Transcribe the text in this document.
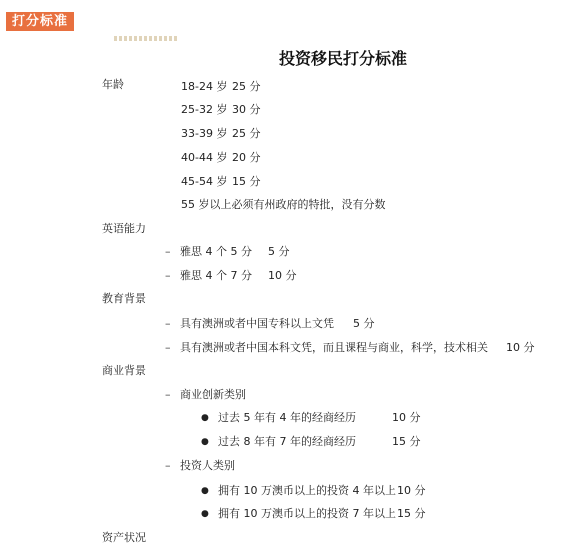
打分标准
投资移民打分标准
年龄	18-24 岁 25 分
25-32 岁 30 分
33-39 岁 25 分
40-44 岁 20 分
45-54 岁 15 分
55 岁以上必须有州政府的特批，没有分数
英语能力
– 雅思 4 个 5 分 5 分
– 雅思 4 个 7 分 10 分
教育背景
– 具有澳洲或者中国专科以上文凭 5 分
– 具有澳洲或者中国本科文凭，而且课程与商业，科学，技术相关 10 分
商业背景
– 商业创新类别
● 过去 5 年有 4 年的经商经历	10 分
● 过去 8 年有 7 年的经商经历	15 分
– 投资人类别
● 拥有 10 万澳币以上的投资 4 年以上 10 分
● 拥有 10 万澳币以上的投资 7 年以上 15 分
资产状况
